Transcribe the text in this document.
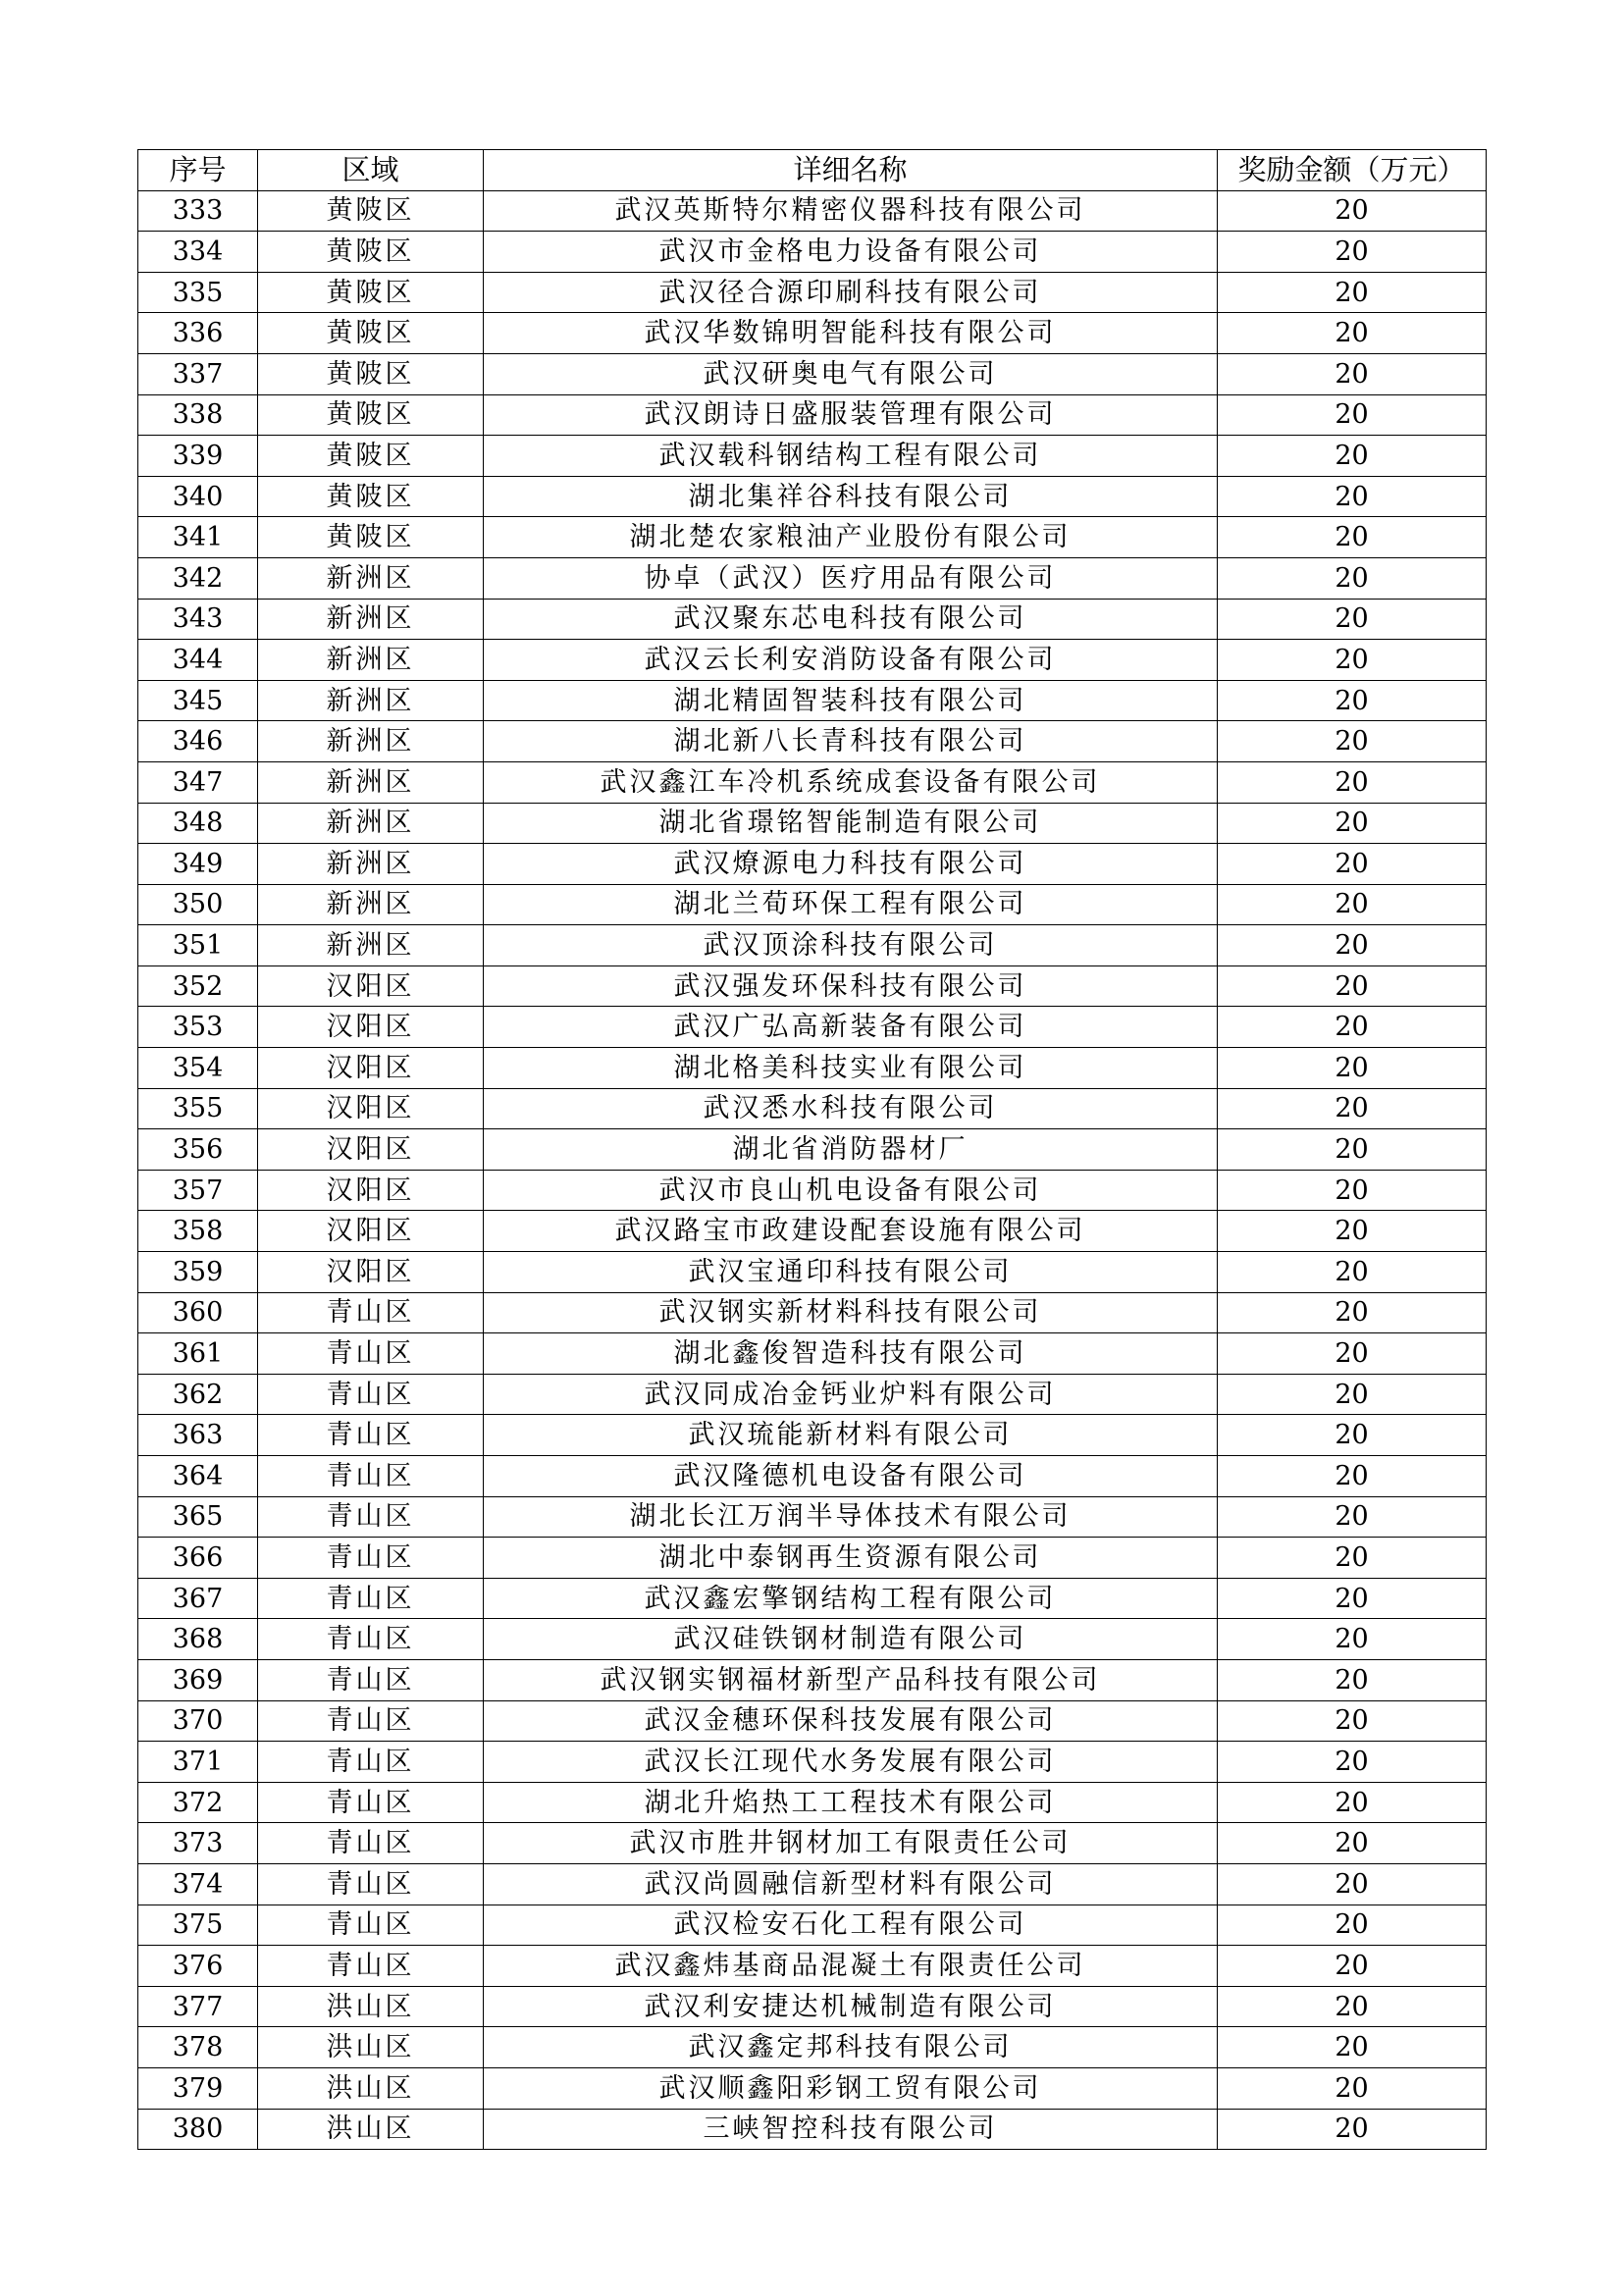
序号	区域	详细名称	奖励金额（万元）
333	黄陂区	武汉英斯特尔精密仪器科技有限公司	20
334	黄陂区	武汉市金格电力设备有限公司	20
335	黄陂区	武汉径合源印刷科技有限公司	20
336	黄陂区	武汉华数锦明智能科技有限公司	20
337	黄陂区	武汉研奥电气有限公司	20
338	黄陂区	武汉朗诗日盛服装管理有限公司	20
339	黄陂区	武汉载科钢结构工程有限公司	20
340	黄陂区	湖北集祥谷科技有限公司	20
341	黄陂区	湖北楚农家粮油产业股份有限公司	20
342	新洲区	协卓（武汉）医疗用品有限公司	20
343	新洲区	武汉聚东芯电科技有限公司	20
344	新洲区	武汉云长利安消防设备有限公司	20
345	新洲区	湖北精固智装科技有限公司	20
346	新洲区	湖北新八长青科技有限公司	20
347	新洲区	武汉鑫江车冷机系统成套设备有限公司	20
348	新洲区	湖北省璟铭智能制造有限公司	20
349	新洲区	武汉燎源电力科技有限公司	20
350	新洲区	湖北兰荀环保工程有限公司	20
351	新洲区	武汉顶涂科技有限公司	20
352	汉阳区	武汉强发环保科技有限公司	20
353	汉阳区	武汉广弘高新装备有限公司	20
354	汉阳区	湖北格美科技实业有限公司	20
355	汉阳区	武汉悉水科技有限公司	20
356	汉阳区	湖北省消防器材厂	20
357	汉阳区	武汉市良山机电设备有限公司	20
358	汉阳区	武汉路宝市政建设配套设施有限公司	20
359	汉阳区	武汉宝通印科技有限公司	20
360	青山区	武汉钢实新材料科技有限公司	20
361	青山区	湖北鑫俊智造科技有限公司	20
362	青山区	武汉同成冶金钙业炉料有限公司	20
363	青山区	武汉琉能新材料有限公司	20
364	青山区	武汉隆德机电设备有限公司	20
365	青山区	湖北长江万润半导体技术有限公司	20
366	青山区	湖北中泰钢再生资源有限公司	20
367	青山区	武汉鑫宏擎钢结构工程有限公司	20
368	青山区	武汉硅铁钢材制造有限公司	20
369	青山区	武汉钢实钢福材新型产品科技有限公司	20
370	青山区	武汉金穗环保科技发展有限公司	20
371	青山区	武汉长江现代水务发展有限公司	20
372	青山区	湖北升焰热工工程技术有限公司	20
373	青山区	武汉市胜井钢材加工有限责任公司	20
374	青山区	武汉尚圆融信新型材料有限公司	20
375	青山区	武汉检安石化工程有限公司	20
376	青山区	武汉鑫炜基商品混凝土有限责任公司	20
377	洪山区	武汉利安捷达机械制造有限公司	20
378	洪山区	武汉鑫定邦科技有限公司	20
379	洪山区	武汉顺鑫阳彩钢工贸有限公司	20
380	洪山区	三峡智控科技有限公司	20
